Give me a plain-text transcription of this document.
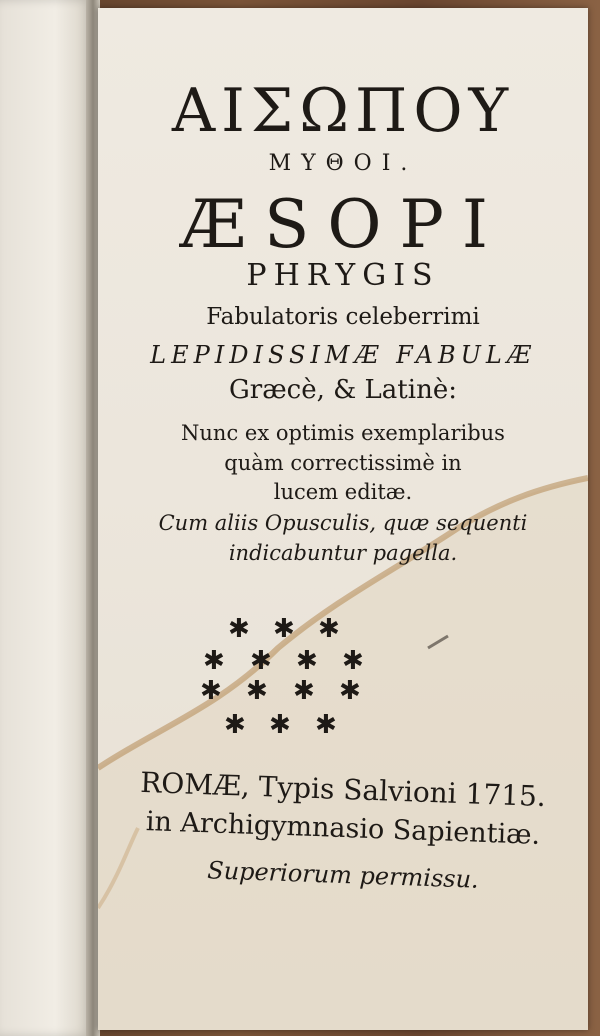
ΑΙΣΩΠΟΥ
ΜΥΘΟΙ.
ÆSOPI
PHRYGIS
Fabulatoris celeberrimi
LEPIDISSIMÆ FABULÆ
Græcè, & Latinè:
Nunc ex optimis exemplaribus
quàm correctissimè in
lucem editæ.
Cum aliis Opusculis, quæ sequenti
indicabuntur pagella.
✱ ✱ ✱
✱ ✱ ✱ ✱
✱ ✱ ✱ ✱
✱ ✱ ✱
ROMÆ, Typis Salvioni 1715.
in Archigymnasio Sapientiæ.
Superiorum permissu.
